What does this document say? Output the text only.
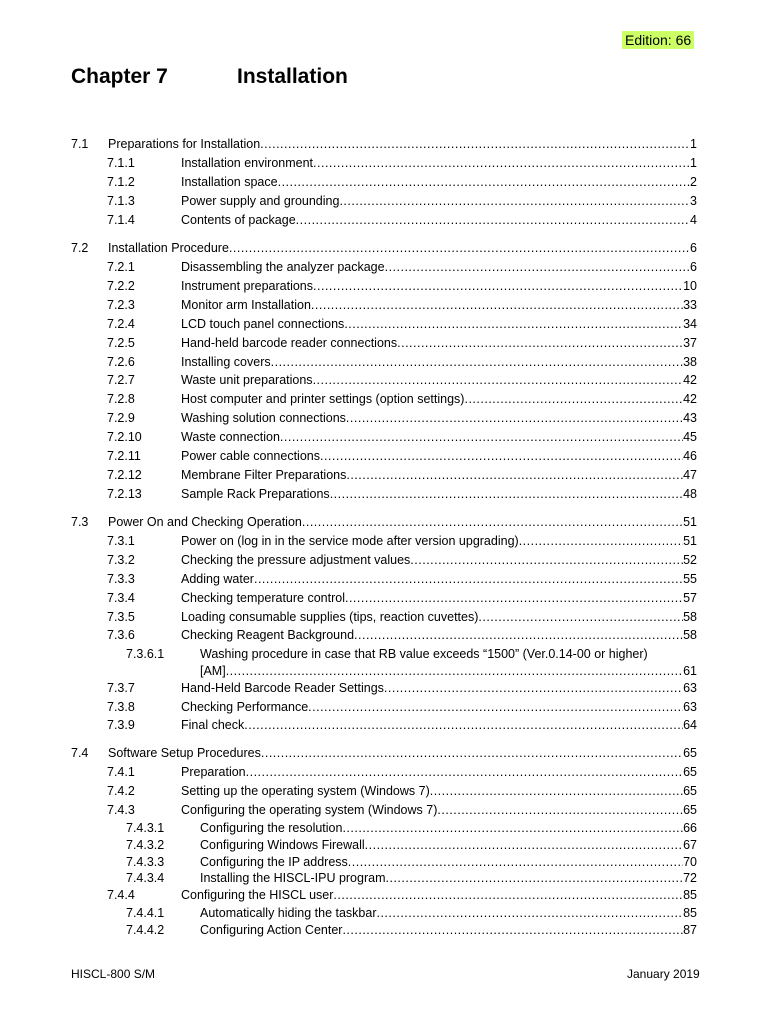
Edition: 66
Chapter 7	Installation
7.1 Preparations for Installation .....	1
7.1.1	Installation environment .....	1
7.1.2	Installation space .....	2
7.1.3	Power supply and grounding .....	3
7.1.4	Contents of package .....	4
7.2 Installation Procedure .....	6
7.2.1	Disassembling the analyzer package .....	6
7.2.2	Instrument preparations .....	10
7.2.3	Monitor arm Installation .....	33
7.2.4	LCD touch panel connections .....	34
7.2.5	Hand-held barcode reader connections .....	37
7.2.6	Installing covers .....	38
7.2.7	Waste unit preparations .....	42
7.2.8	Host computer and printer settings (option settings) .....	42
7.2.9	Washing solution connections .....	43
7.2.10	Waste connection .....	45
7.2.11	Power cable connections .....	46
7.2.12	Membrane Filter Preparations .....	47
7.2.13	Sample Rack Preparations .....	48
7.3 Power On and Checking Operation .....	51
7.3.1	Power on (log in in the service mode after version upgrading) .....	51
7.3.2	Checking the pressure adjustment values .....	52
7.3.3	Adding water .....	55
7.3.4	Checking temperature control .....	57
7.3.5	Loading consumable supplies (tips, reaction cuvettes) .....	58
7.3.6	Checking Reagent Background .....	58
7.3.6.1	Washing procedure in case that RB value exceeds “1500” (Ver.0.14-00 or higher)
[AM] .....	61
7.3.7	Hand-Held Barcode Reader Settings .....	63
7.3.8	Checking Performance .....	63
7.3.9	Final check .....	64
7.4 Software Setup Procedures .....	65
7.4.1	Preparation .....	65
7.4.2	Setting up the operating system (Windows 7) .....	65
7.4.3	Configuring the operating system (Windows 7) .....	65
7.4.3.1	Configuring the resolution .....	66
7.4.3.2	Configuring Windows Firewall .....	67
7.4.3.3	Configuring the IP address .....	70
7.4.3.4	Installing the HISCL-IPU program .....	72
7.4.4	Configuring the HISCL user .....	85
7.4.4.1	Automatically hiding the taskbar .....	85
7.4.4.2	Configuring Action Center .....	87
HISCL-800 S/M	January 2019
